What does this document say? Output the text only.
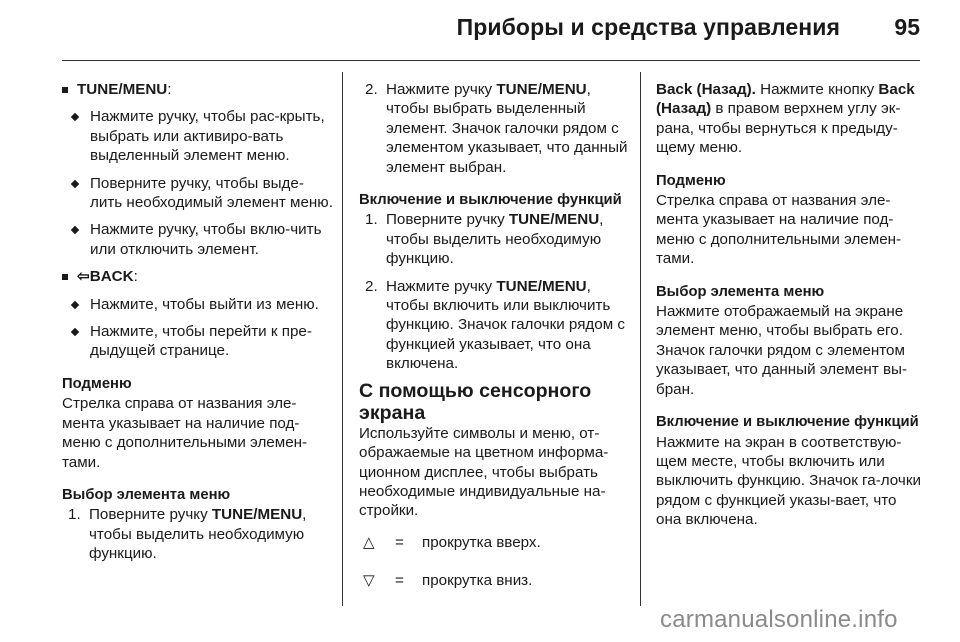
Приборы и средства управления 95
TUNE/MENU:
Нажмите ручку, чтобы рас-крыть, выбрать или активиро-вать выделенный элемент меню.
Поверните ручку, чтобы выде-лить необходимый элемент меню.
Нажмите ручку, чтобы вклю-чить или отключить элемент.
⇦BACK:
Нажмите, чтобы выйти из меню.
Нажмите, чтобы перейти к пре-дыдущей странице.
Подменю
Стрелка справа от названия эле-мента указывает на наличие под-меню с дополнительными элемен-тами.
Выбор элемента меню
1. Поверните ручку TUNE/MENU, чтобы выделить необходимую функцию.
2. Нажмите ручку TUNE/MENU, чтобы выбрать выделенный элемент. Значок галочки рядом с элементом указывает, что данный элемент выбран.
Включение и выключение функций
1. Поверните ручку TUNE/MENU, чтобы выделить необходимую функцию.
2. Нажмите ручку TUNE/MENU, чтобы включить или выключить функцию. Значок галочки рядом с функцией указывает, что она включена.
С помощью сенсорного экрана
Используйте символы и меню, от-ображаемые на цветном информа-ционном дисплее, чтобы выбрать необходимые индивидуальные на-стройки.
△ = прокрутка вверх.
▽ = прокрутка вниз.
Back (Назад). Нажмите кнопку Back (Назад) в правом верхнем углу эк-рана, чтобы вернуться к предыду-щему меню.
Подменю
Стрелка справа от названия эле-мента указывает на наличие под-меню с дополнительными элемен-тами.
Выбор элемента меню
Нажмите отображаемый на экране элемент меню, чтобы выбрать его. Значок галочки рядом с элементом указывает, что данный элемент вы-бран.
Включение и выключение функций
Нажмите на экран в соответствую-щем месте, чтобы включить или выключить функцию. Значок га-лочки рядом с функцией указы-вает, что она включена.
carmanualsonline.info
